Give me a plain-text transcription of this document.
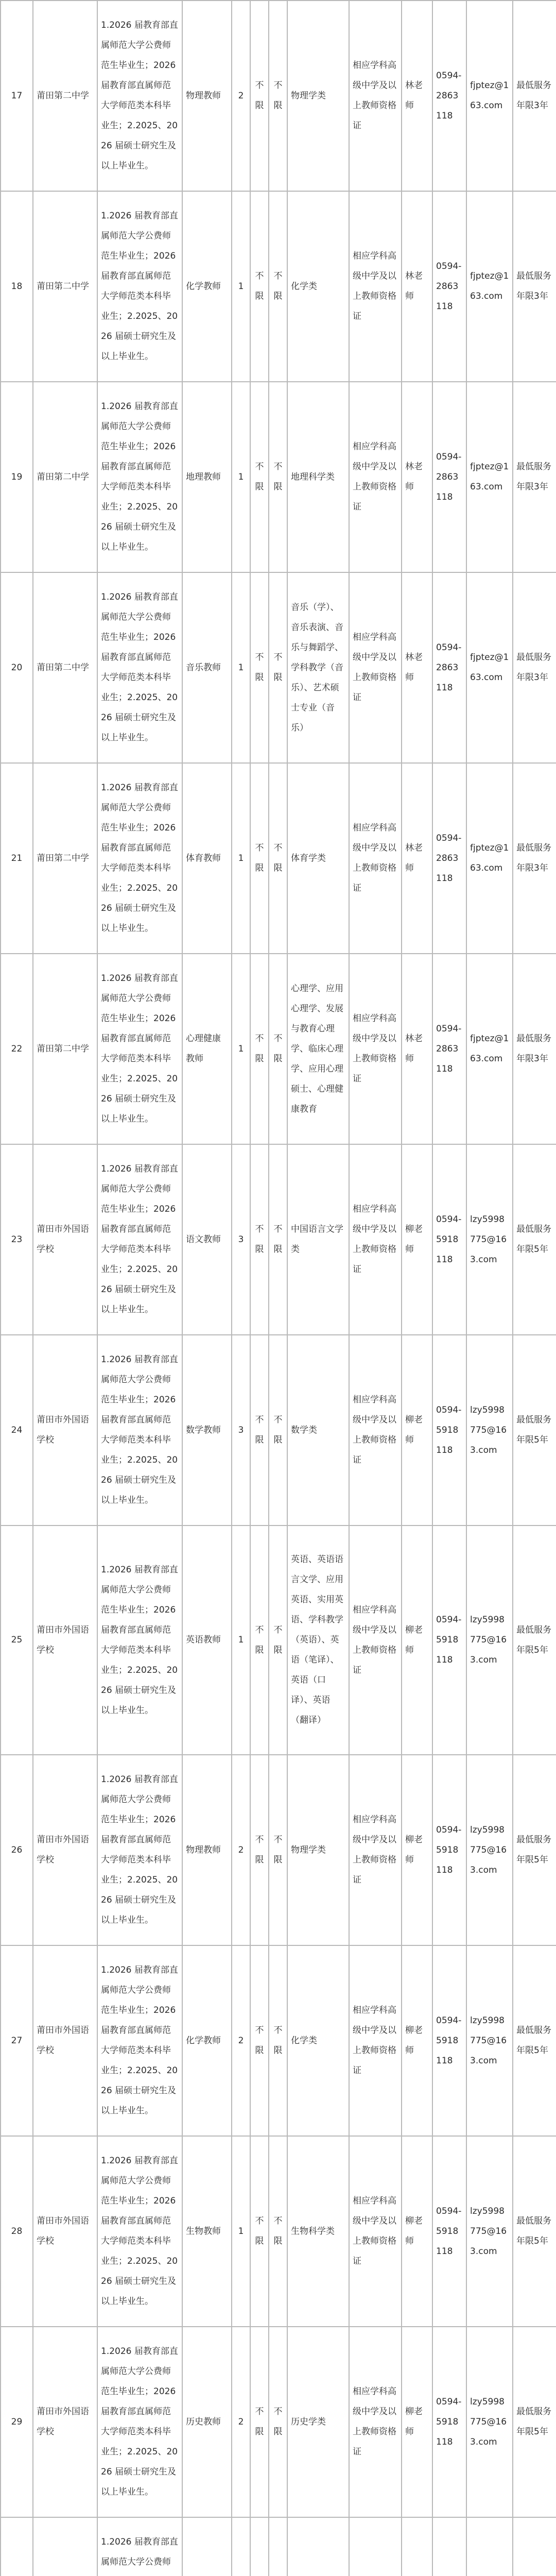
17	莆田第二中学	1.2026 届教育部直属师范大学公费师范生毕业生；2026 届教育部直属师范大学师范类本科毕业生；2.2025、2026 届硕士研究生及以上毕业生。	物理教师	2	不限	不限	物理学类	相应学科高级中学及以上教师资格证	林老师	0594-2863118	fjptez@163.com	最低服务年限3年
18	莆田第二中学	1.2026 届教育部直属师范大学公费师范生毕业生；2026 届教育部直属师范大学师范类本科毕业生；2.2025、2026 届硕士研究生及以上毕业生。	化学教师	1	不限	不限	化学类	相应学科高级中学及以上教师资格证	林老师	0594-2863118	fjptez@163.com	最低服务年限3年
19	莆田第二中学	1.2026 届教育部直属师范大学公费师范生毕业生；2026 届教育部直属师范大学师范类本科毕业生；2.2025、2026 届硕士研究生及以上毕业生。	地理教师	1	不限	不限	地理科学类	相应学科高级中学及以上教师资格证	林老师	0594-2863118	fjptez@163.com	最低服务年限3年
20	莆田第二中学	1.2026 届教育部直属师范大学公费师范生毕业生；2026 届教育部直属师范大学师范类本科毕业生；2.2025、2026 届硕士研究生及以上毕业生。	音乐教师	1	不限	不限	音乐（学）、音乐表演、音乐与舞蹈学、学科教学（音乐）、艺术硕士专业（音乐）	相应学科高级中学及以上教师资格证	林老师	0594-2863118	fjptez@163.com	最低服务年限3年
21	莆田第二中学	1.2026 届教育部直属师范大学公费师范生毕业生；2026 届教育部直属师范大学师范类本科毕业生；2.2025、2026 届硕士研究生及以上毕业生。	体育教师	1	不限	不限	体育学类	相应学科高级中学及以上教师资格证	林老师	0594-2863118	fjptez@163.com	最低服务年限3年
22	莆田第二中学	1.2026 届教育部直属师范大学公费师范生毕业生；2026 届教育部直属师范大学师范类本科毕业生；2.2025、2026 届硕士研究生及以上毕业生。	心理健康教师	1	不限	不限	心理学、应用心理学、发展与教育心理学、临床心理学、应用心理硕士、心理健康教育	相应学科高级中学及以上教师资格证	林老师	0594-2863118	fjptez@163.com	最低服务年限3年
23	莆田市外国语学校	1.2026 届教育部直属师范大学公费师范生毕业生；2026 届教育部直属师范大学师范类本科毕业生；2.2025、2026 届硕士研究生及以上毕业生。	语文教师	3	不限	不限	中国语言文学类	相应学科高级中学及以上教师资格证	柳老师	0594-5918118	lzy5998775@163.com	最低服务年限5年
24	莆田市外国语学校	1.2026 届教育部直属师范大学公费师范生毕业生；2026 届教育部直属师范大学师范类本科毕业生；2.2025、2026 届硕士研究生及以上毕业生。	数学教师	3	不限	不限	数学类	相应学科高级中学及以上教师资格证	柳老师	0594-5918118	lzy5998775@163.com	最低服务年限5年
25	莆田市外国语学校	1.2026 届教育部直属师范大学公费师范生毕业生；2026 届教育部直属师范大学师范类本科毕业生；2.2025、2026 届硕士研究生及以上毕业生。	英语教师	1	不限	不限	英语、英语语言文学、应用英语、实用英语、学科教学（英语）、英语（笔译）、英语（口译）、英语（翻译）	相应学科高级中学及以上教师资格证	柳老师	0594-5918118	lzy5998775@163.com	最低服务年限5年
26	莆田市外国语学校	1.2026 届教育部直属师范大学公费师范生毕业生；2026 届教育部直属师范大学师范类本科毕业生；2.2025、2026 届硕士研究生及以上毕业生。	物理教师	2	不限	不限	物理学类	相应学科高级中学及以上教师资格证	柳老师	0594-5918118	lzy5998775@163.com	最低服务年限5年
27	莆田市外国语学校	1.2026 届教育部直属师范大学公费师范生毕业生；2026 届教育部直属师范大学师范类本科毕业生；2.2025、2026 届硕士研究生及以上毕业生。	化学教师	2	不限	不限	化学类	相应学科高级中学及以上教师资格证	柳老师	0594-5918118	lzy5998775@163.com	最低服务年限5年
28	莆田市外国语学校	1.2026 届教育部直属师范大学公费师范生毕业生；2026 届教育部直属师范大学师范类本科毕业生；2.2025、2026 届硕士研究生及以上毕业生。	生物教师	1	不限	不限	生物科学类	相应学科高级中学及以上教师资格证	柳老师	0594-5918118	lzy5998775@163.com	最低服务年限5年
29	莆田市外国语学校	1.2026 届教育部直属师范大学公费师范生毕业生；2026 届教育部直属师范大学师范类本科毕业生；2.2025、2026 届硕士研究生及以上毕业生。	历史教师	2	不限	不限	历史学类	相应学科高级中学及以上教师资格证	柳老师	0594-5918118	lzy5998775@163.com	最低服务年限5年
		1.2026 届教育部直属师范大学公费师										
